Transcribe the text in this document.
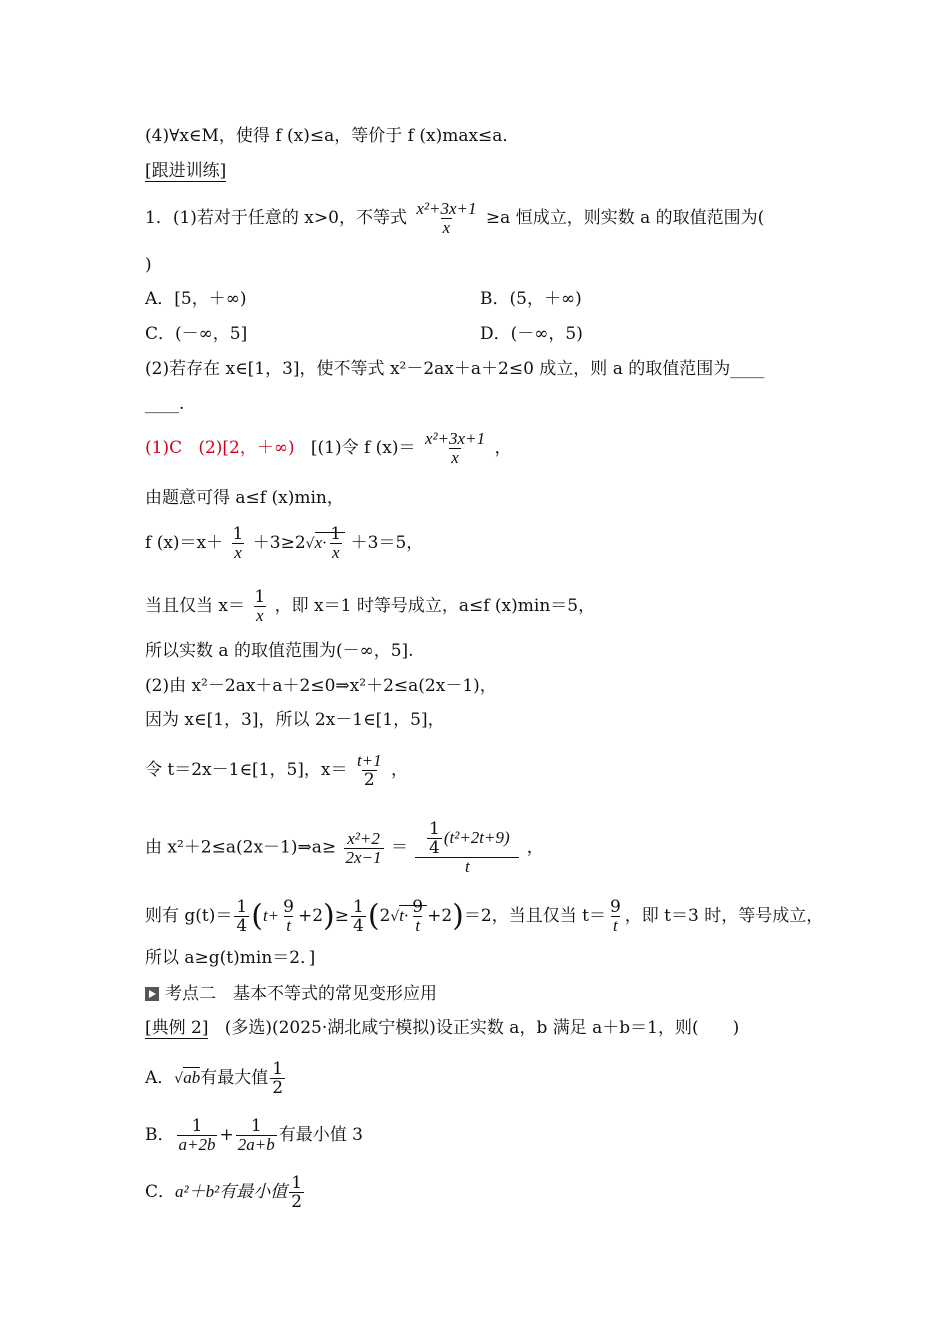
(4)∀x∈M，使得 f (x)≤a，等价于 f (x)max≤a．
[跟进训练]
1．(1)若对于任意的 x>0，不等式 $\frac{\text{x²+3x+1}}{x} \ge a$ 恒成立，则实数 a 的取值范围为(
)
A．[5，＋∞)	B．(5，＋∞)
C．(－∞，5]	D．(－∞，5)
(2)若存在 x∈[1，3]，使不等式 x²－2ax＋a＋2≤0 成立，则 a 的取值范围为____
____.
(1)C (2)[2，＋∞) [(1)令 f $(x)= \frac{\text{x²+3x+1}}{x}$ ，
由题意可得 a≤f (x)min，
f $(x)=x+ \frac{1}{x} +3\ge 2√x\cdot \frac{1}{x} +3=5$，
当且仅当 $x= \frac{1}{x}$ ，即 x＝1 时等号成立，a≤f (x)min＝5，
所以实数 a 的取值范围为(－∞，5].
(2)由 x²－2ax＋a＋2≤0⇒x²＋2≤a(2x－1)，
因为 x∈[1，3]，所以 2x－1∈[1，5]，
令 t＝2x－1∈[1，5]，$x= \frac{t+1}{2}$ ，
由 x²＋2≤a(2x－1)⇒a≥ $\frac{\text{x²+2}}{2x-1} = \frac{\frac{1}{4} (t^2+2t+9)}{t}$ ，
则有 $g(t)= \frac{1}{4} (t+ \frac{9}{t} +2)\ge \frac{1}{4} (2√t\cdot \frac{9}{t} +2)=2$，当且仅当 $t= \frac{9}{t}$ ，即 t＝3 时，等号成立，
所以 a≥g(t)min＝2．]
考点二　基本不等式的常见变形应用
[典例 2] (多选)(2025·湖北咸宁模拟)设正实数 a，b 满足 a＋b＝1，则(　　)
A．√ab有最大值 $\frac{1}{2}$
B． $\frac{1}{a+2b} + \frac{1}{2a+b}$ 有最小值 3
C．a²＋b²有最小值 $\frac{1}{2}$
